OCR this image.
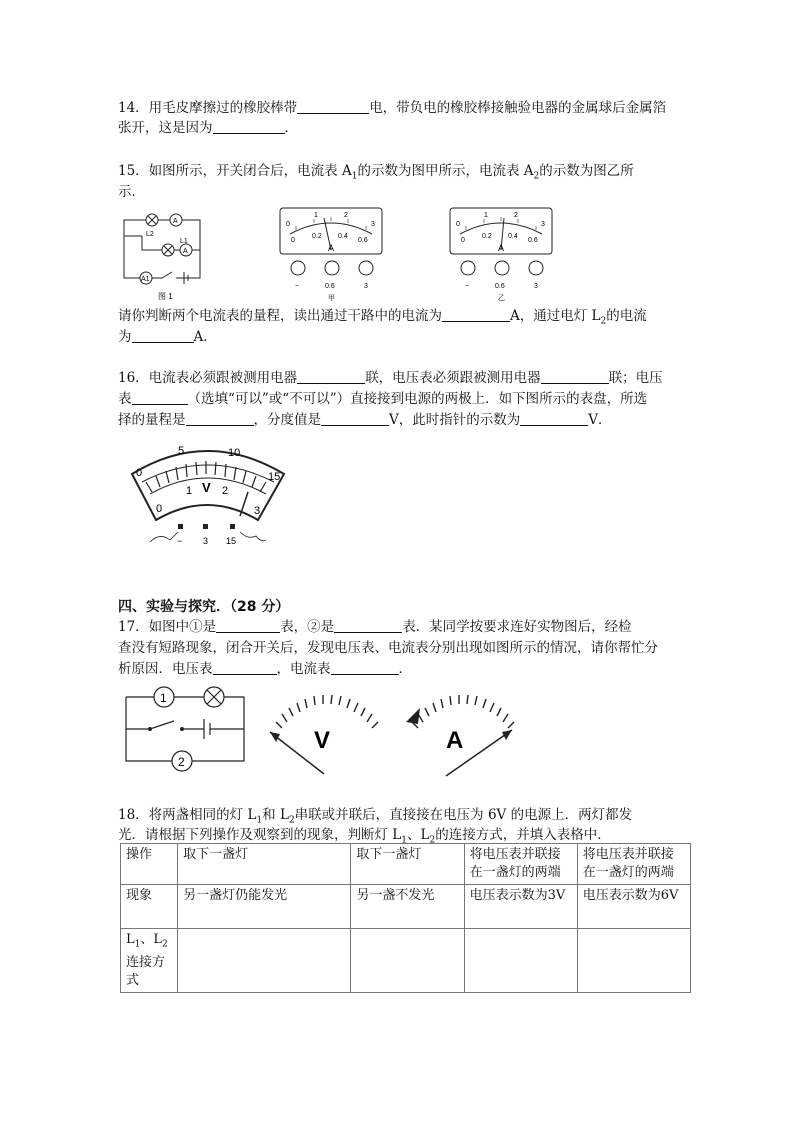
14．用毛皮摩擦过的橡胶棒带	电，带负电的橡胶棒接触验电器的金属球后金属箔
张开，这是因为	．
15．如图所示，开关闭合后，电流表 $A_1$的示数为图甲所示，电流表 $A_2$的示数为图乙所
示．
A
A
A1
L2
L1
图 1
0
1	2
3
0
0.2 0.4
0.6
A
−	0.6	3
甲
0
1	2
3
0
0.2 0.4
0.6
A
−	0.6	3
乙
请你判断两个电流表的量程，读出通过干路中的电流为	A，通过电灯 $L_2$的电流
为	A．
16．电流表必须跟被测用电器	联，电压表必须跟被测用电器	联；电压
表	（选填“可以”或“不可以”）直接接到电源的两极上．如下图所示的表盘，所选
择的量程是	，分度值是	V，此时指针的示数为	V．
0
5	10
15
0
1	2
3
V
− 3 15
四、实验与探究．（28 分）
17．如图中①是	表，②是	表．某同学按要求连好实物图后，经检
查没有短路现象，闭合开关后，发现电压表、电流表分别出现如图所示的情况，请你帮忙分
析原因．电压表	，电流表	．
1
2
V	A
18．将两盏相同的灯 $L_1$和 $L_2$串联或并联后，直接接在电压为 6V 的电源上．两灯都发
光．请根据下列操作及观察到的现象，判断灯 $L_1$、$L_2$的连接方式，并填入表格中．
操作	取下一盏灯	取下一盏灯	将电压表并联接在一盏灯的两端	将电压表并联接在一盏灯的两端
现象	另一盏灯仍能发光	另一盏不发光	电压表示数为3V	电压表示数为6V
$L_1$、$L_2$连接方式				
